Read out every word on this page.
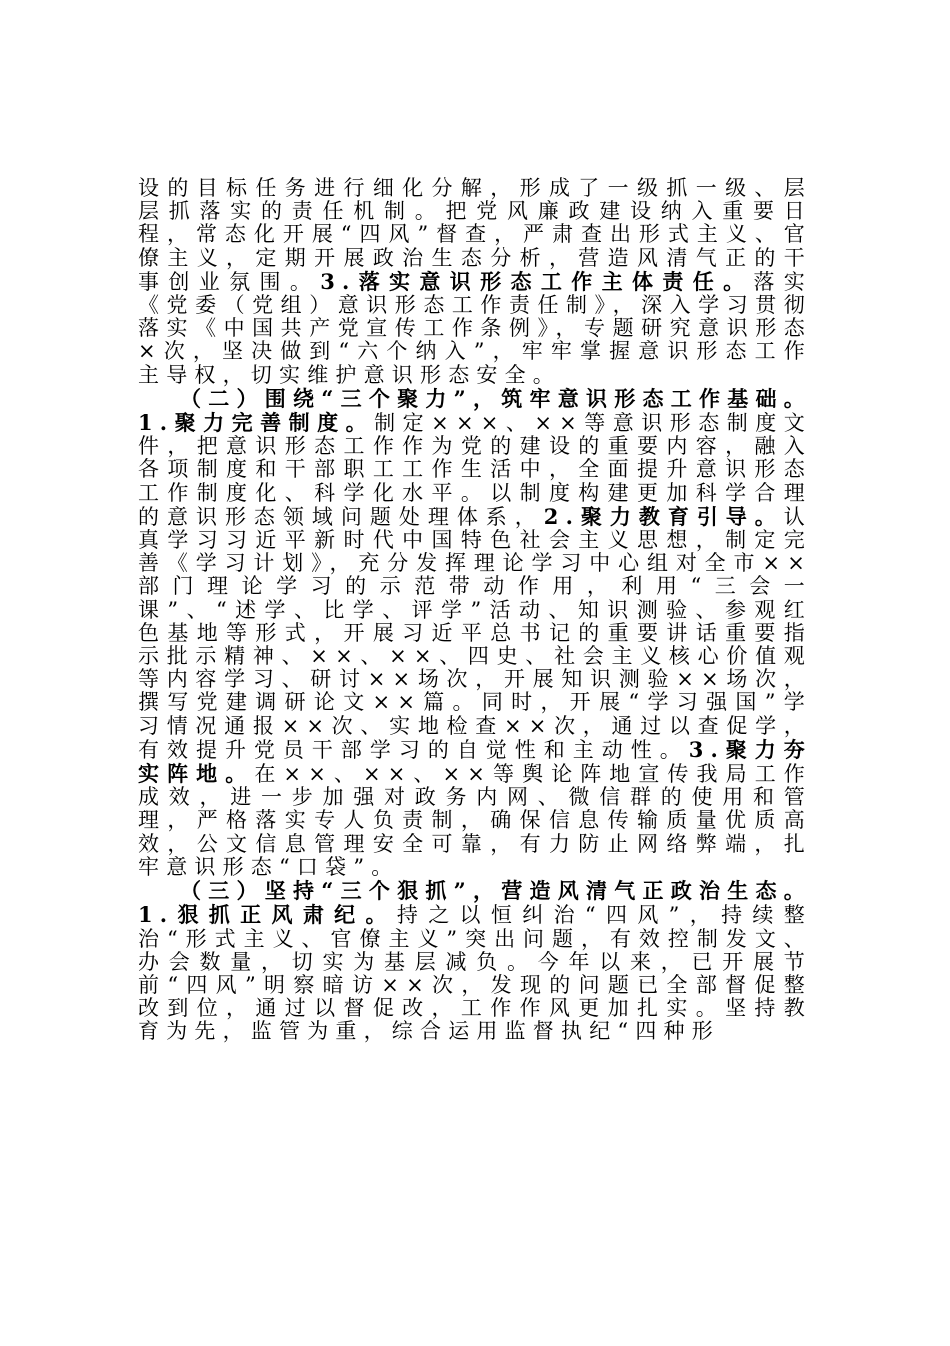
设的目标任务进行细化分解，形成了一级抓一级、层层抓落实的责任机制。把党风廉政建设纳入重要日程，常态化开展“四风”督查，严肃查出形式主义、官僚主义，定期开展政治生态分析，营造风清气正的干事创业氛围。3.落实意识形态工作主体责任。落实《党委（党组）意识形态工作责任制》，深入学习贯彻落实《中国共产党宣传工作条例》，专题研究意识形态×次，坚决做到“六个纳入”，牢牢掌握意识形态工作主导权，切实维护意识形态安全。

（二）围绕“三个聚力”，筑牢意识形态工作基础。1.聚力完善制度。制定×××、××等意识形态制度文件，把意识形态工作作为党的建设的重要内容，融入各项制度和干部职工工作生活中，全面提升意识形态工作制度化、科学化水平。以制度构建更加科学合理的意识形态领域问题处理体系，2.聚力教育引导。认真学习习近平新时代中国特色社会主义思想，制定完善《学习计划》，充分发挥理论学习中心组对全市××部门理论学习的示范带动作用，利用“三会一课”、“述学、比学、评学”活动、知识测验、参观红色基地等形式，开展习近平总书记的重要讲话重要指示批示精神、××、××、四史、社会主义核心价值观等内容学习、研讨××场次，开展知识测验××场次，撰写党建调研论文××篇。同时，开展“学习强国”学习情况通报××次、实地检查××次，通过以查促学，有效提升党员干部学习的自觉性和主动性。3.聚力夯实阵地。在××、××、××等舆论阵地宣传我局工作成效，进一步加强对政务内网、微信群的使用和管理，严格落实专人负责制，确保信息传输质量优质高效，公文信息管理安全可靠，有力防止网络弊端，扎牢意识形态“口袋”。

（三）坚持“三个狠抓”，营造风清气正政治生态。1.狠抓正风肃纪。持之以恒纠治“四风”，持续整治“形式主义、官僚主义”突出问题，有效控制发文、办会数量，切实为基层减负。今年以来，已开展节前“四风”明察暗访××次，发现的问题已全部督促整改到位，通过以督促改，工作作风更加扎实。坚持教育为先，监管为重，综合运用监督执纪“四种形
